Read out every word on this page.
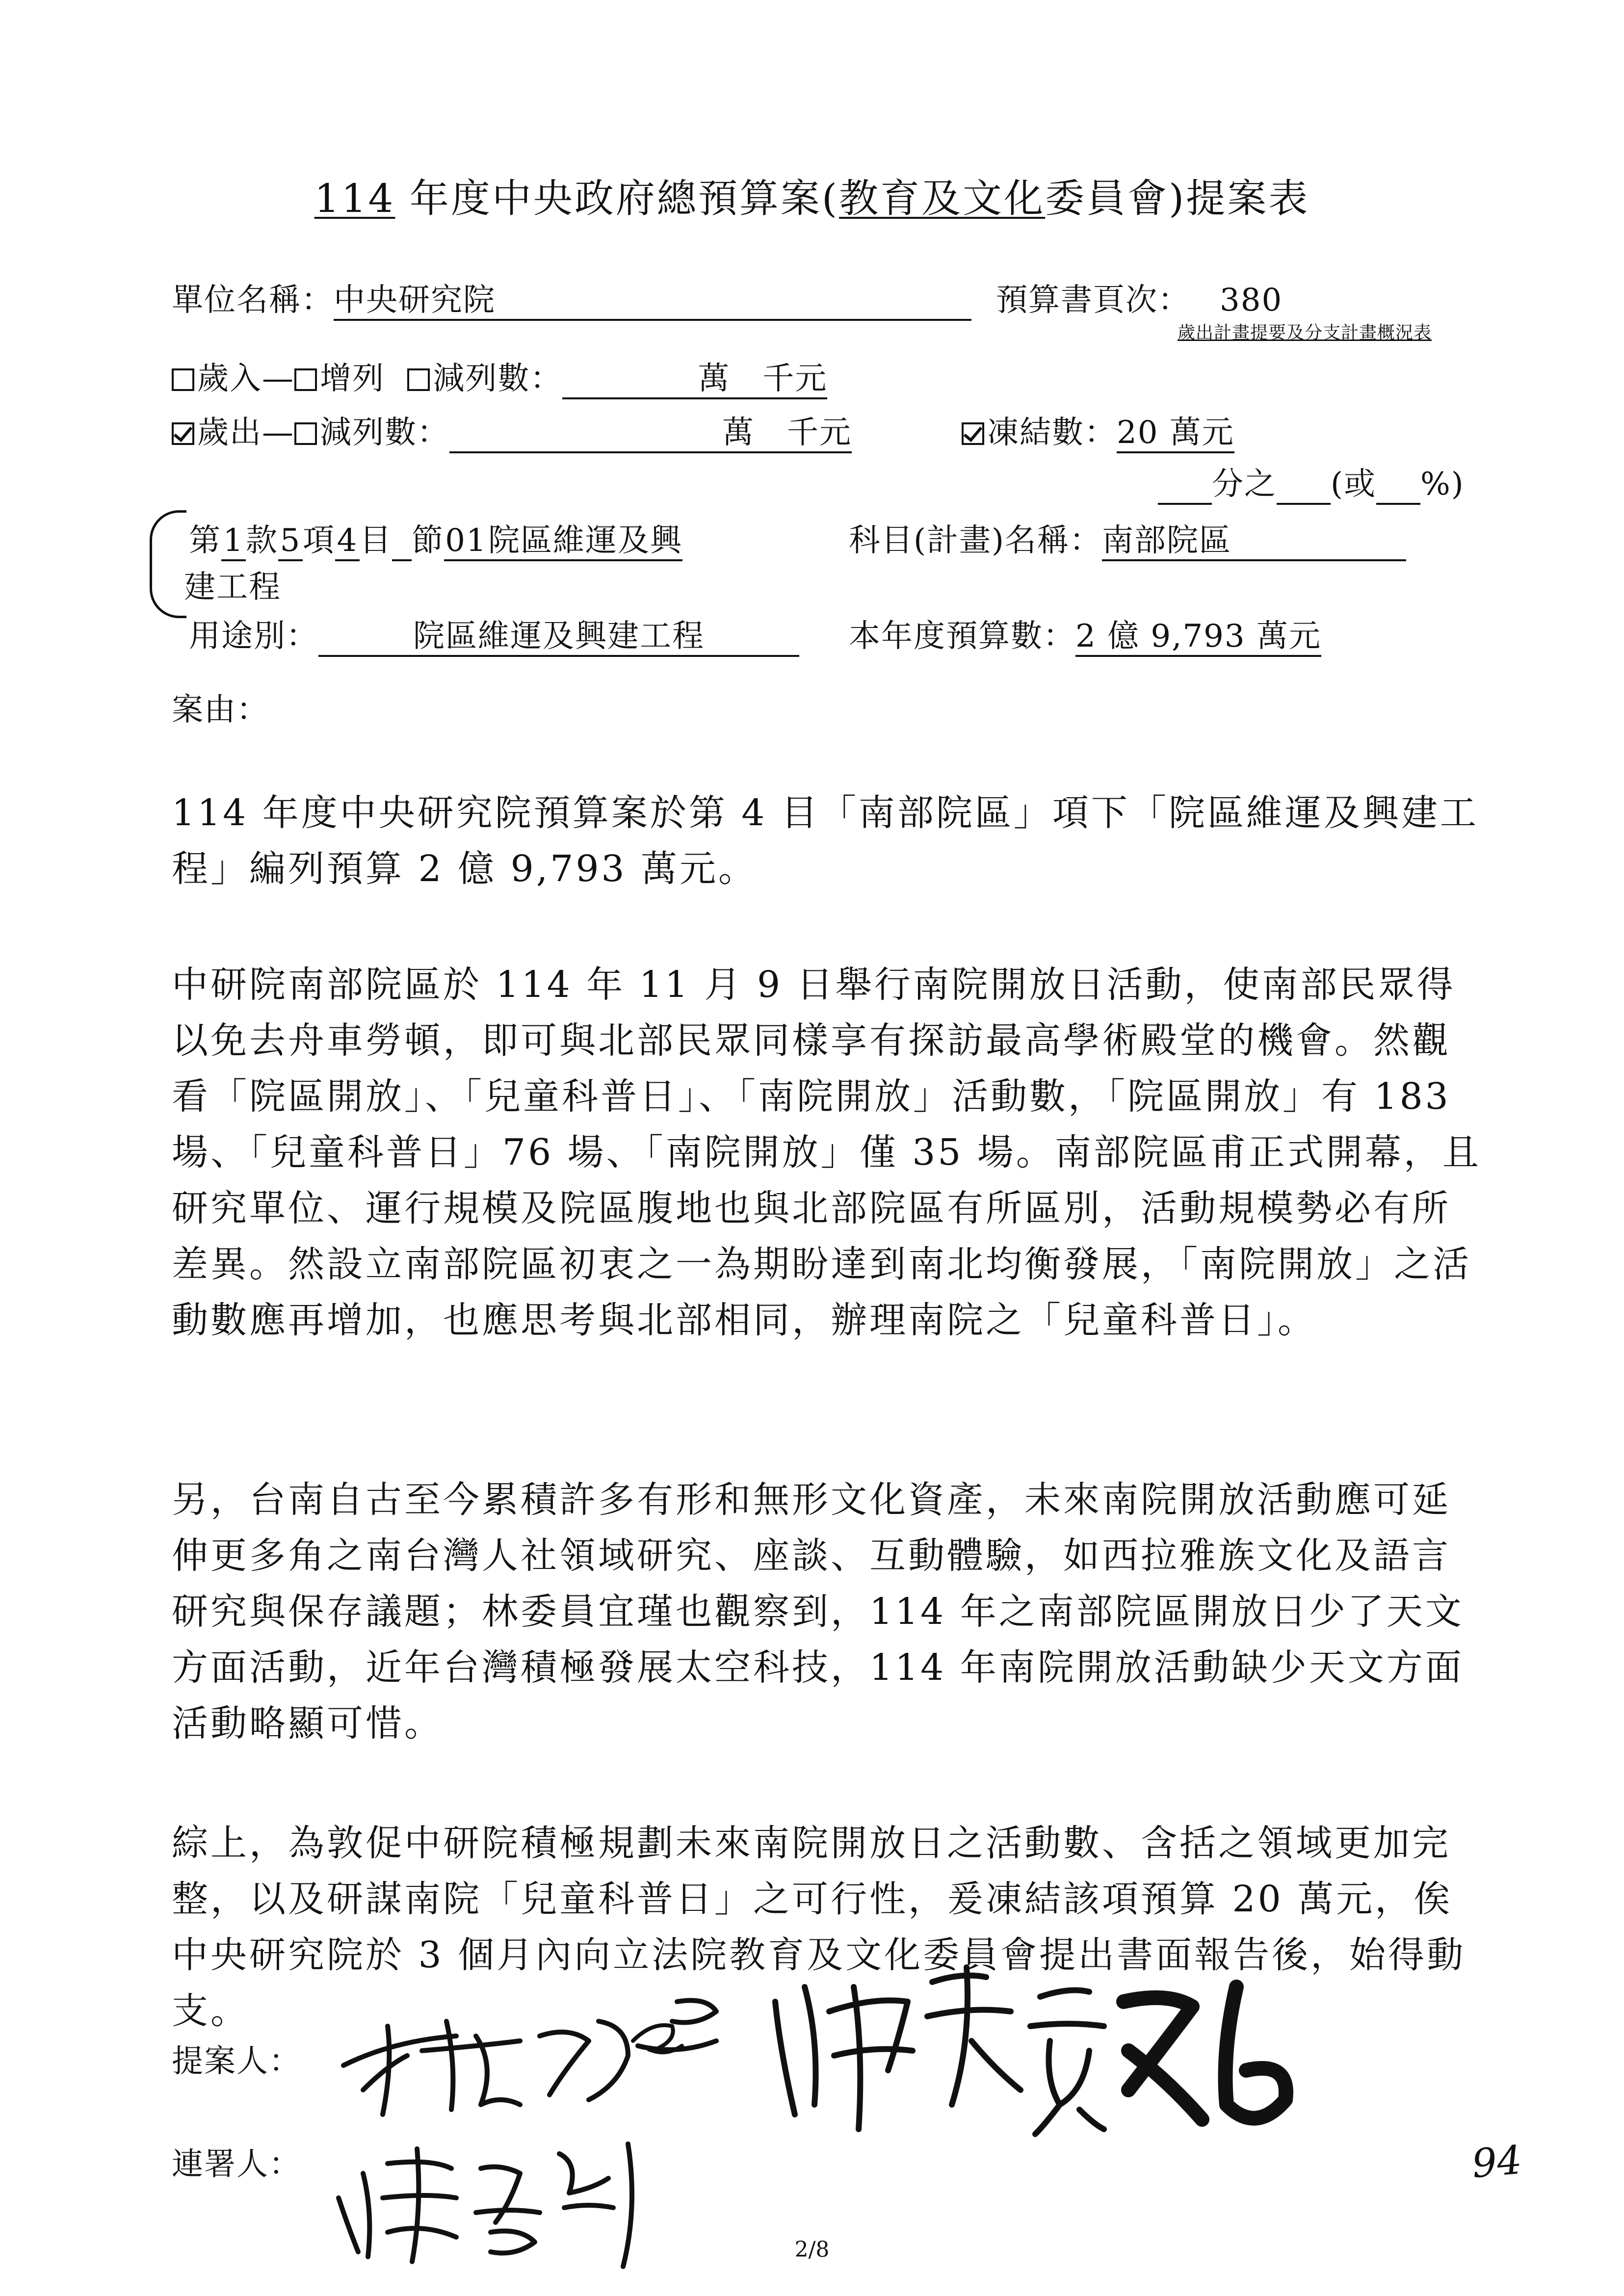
114 年度中央政府總預算案(教育及文化委員會)提案表
單位名稱：中央研究院	預算書頁次： 380
歲出計畫提要及分支計畫概況表
歲入— 增列 減列數：	萬　千元
歲出— 減列數：	萬　千元	凍結數：20 萬元
分之 (或 %)
第1款5項4目 節01院區維運及興
建工程
科目(計畫)名稱：南部院區
用途別：	院區維運及興建工程	本年度預算數：2 億 9,793 萬元
案由：
114 年度中央研究院預算案於第 4 目「南部院區」項下「院區維運及興建工程」編列預算 2 億 9,793 萬元。
中研院南部院區於 114 年 11 月 9 日舉行南院開放日活動，使南部民眾得以免去舟車勞頓，即可與北部民眾同樣享有探訪最高學術殿堂的機會。然觀看「院區開放」、「兒童科普日」、「南院開放」活動數，「院區開放」有 183 場、「兒童科普日」76 場、「南院開放」僅 35 場。南部院區甫正式開幕，且研究單位、運行規模及院區腹地也與北部院區有所區別，活動規模勢必有所差異。然設立南部院區初衷之一為期盼達到南北均衡發展，「南院開放」之活動數應再增加，也應思考與北部相同，辦理南院之「兒童科普日」。
另，台南自古至今累積許多有形和無形文化資產，未來南院開放活動應可延伸更多角之南台灣人社領域研究、座談、互動體驗，如西拉雅族文化及語言研究與保存議題；林委員宜瑾也觀察到，114 年之南部院區開放日少了天文方面活動，近年台灣積極發展太空科技，114 年南院開放活動缺少天文方面活動略顯可惜。
綜上，為敦促中研院積極規劃未來南院開放日之活動數、含括之領域更加完整，以及研謀南院「兒童科普日」之可行性，爰凍結該項預算 20 萬元，俟中央研究院於 3 個月內向立法院教育及文化委員會提出書面報告後，始得動支。
提案人：
連署人：
2/8
94
